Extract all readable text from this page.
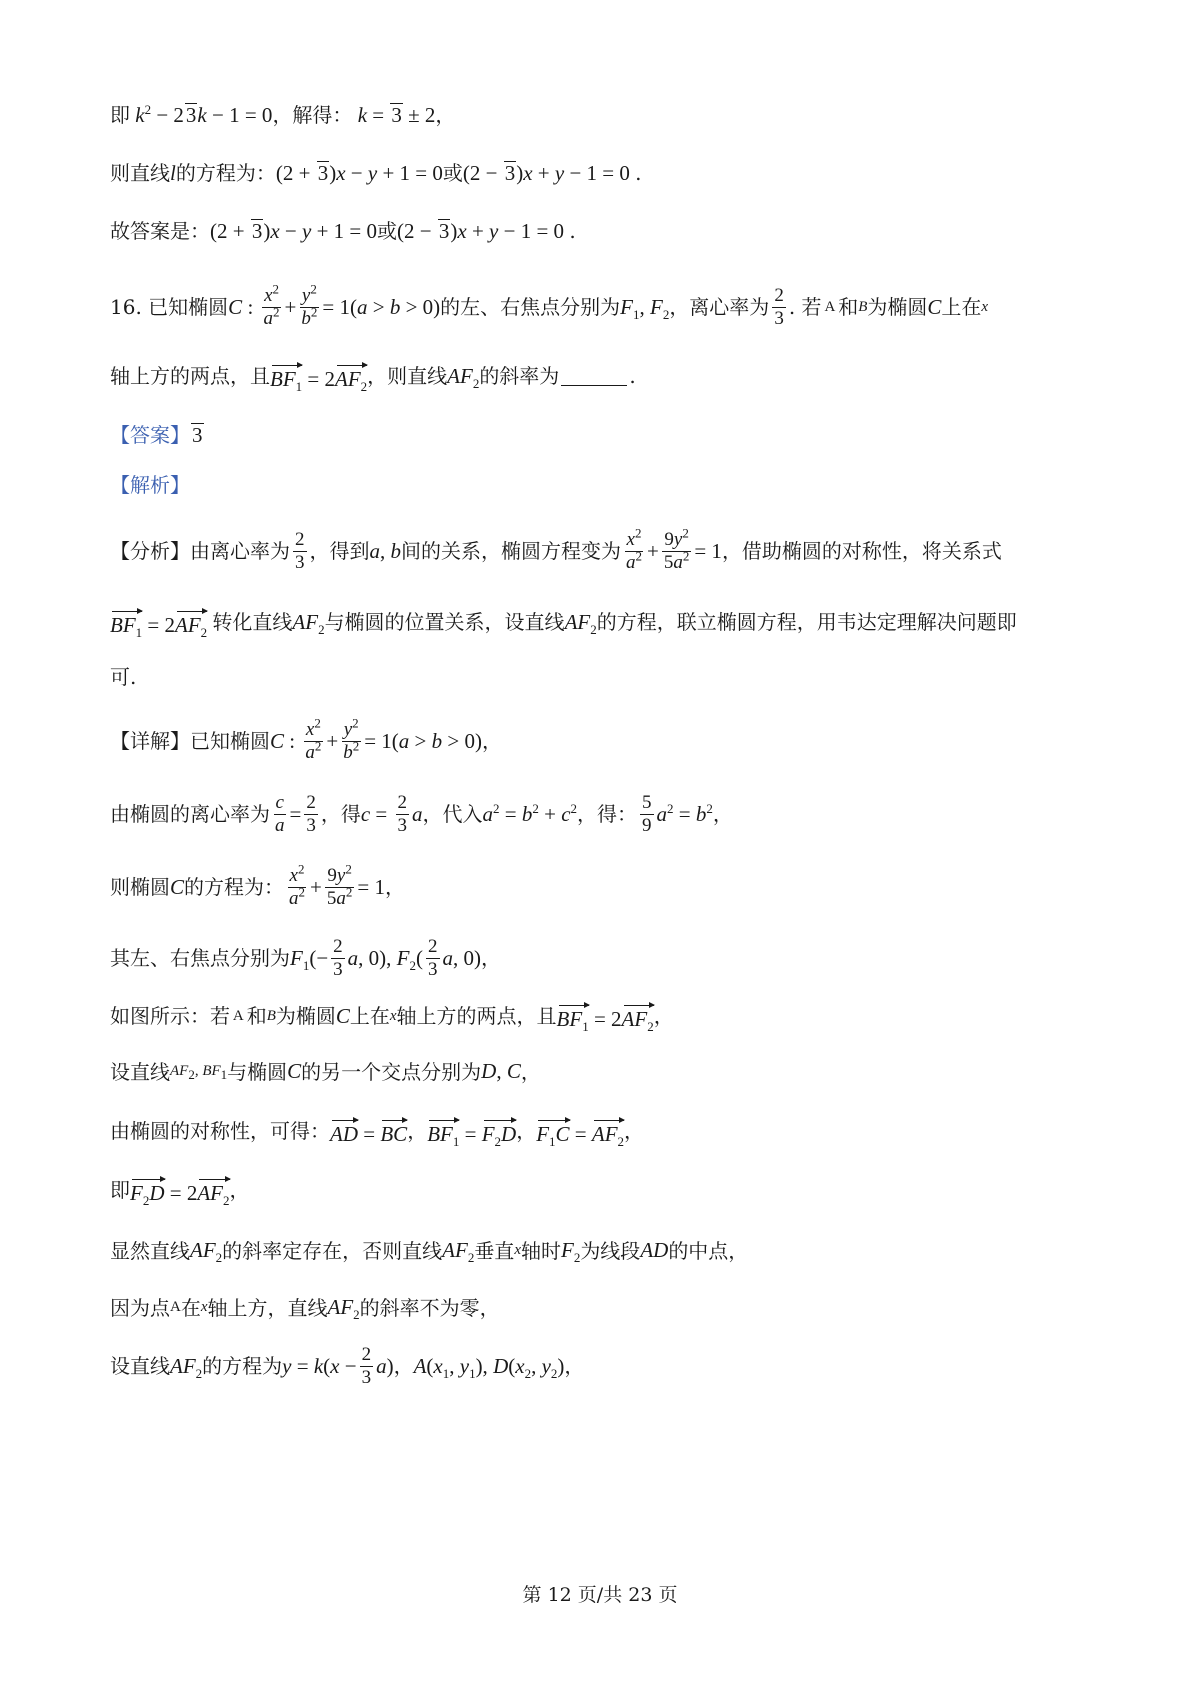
即 $k^2 - 23k - 1 = 0$ ，解得： k = 3 ± 2 ，
则直线 l 的方程为： (2 + 3)x − y + 1 = 0 或 (2 − 3)x + y − 1 = 0 .
故答案是： (2 + 3)x − y + 1 = 0 或 (2 − 3)x + y − 1 = 0 .
16. 已知椭圆 C : $\frac{x^2}{a^2} + \frac{y^2}{b^2} = 1(a > b > 0)$ 的左、右焦点分别为 $F_1$, $F_2$ ，离心率为 $\frac{2}{3}$ . 若 A 和 B 为椭圆 C 上在 x
轴上方的两点，且 $BF_1 = 2AF_2$ ，则直线 $AF_2$ 的斜率为	.
【答案】 3
【解析】
【分析】 由离心率为 $\frac{2}{3}$ ，得到 a, b 间的关系，椭圆方程变为 $\frac{x^2}{a^2} + \frac{9y^2}{5a^2} = 1$ ，借助椭圆的对称性，将关系式
$BF_1 = 2AF_2$ 转化直线 $AF_2$ 与椭圆的位置关系，设直线 $AF_2$ 的方程，联立椭圆方程，用韦达定理解决问题即
可.
【详解】 已知椭圆 C : $\frac{x^2}{a^2} + \frac{y^2}{b^2} = 1(a > b > 0)$ ，
由椭圆的离心率为 $\frac{c}{a} = \frac{2}{3}$ ，得 $c = \frac{2}{3}$ a ，代入 $a^2 = b^2 + c^2$ ，得： $\frac{5}{9} a^2 = b^2$ ，
则椭圆 C 的方程为： $\frac{x^2}{a^2} + \frac{9y^2}{5a^2} = 1$ ，
其左、右焦点分别为 $F_1(- \frac{2}{3} a$, 0), $F_2( \frac{2}{3} a$, 0) ，
如图所示：若 A 和 B 为椭圆 C 上在 x 轴上方的两点，且 $BF_1 = 2AF_2$ ，
设直线 $AF_2$, $BF_1$ 与椭圆 C 的另一个交点分别为 D, C ，
由椭圆的对称性，可得： AD = BC ， $BF_1 = F_2D$ ， $F_1C = AF_2$ ，
即 $F_2D = 2AF_2$ ，
显然直线 $AF_2$ 的斜率定存在，否则直线 $AF_2$ 垂直 x 轴时 $F_2$ 为线段 AD 的中点，
因为点 A 在 x 轴上方，直线 $AF_2$ 的斜率不为零，
设直线 $AF_2$ 的方程为 $y = k(x - \frac{2}{3} a)$ ， $A(x_1$, $y_1$), $D(x_2$, $y_2$) ，
第 12 页/共 23 页
